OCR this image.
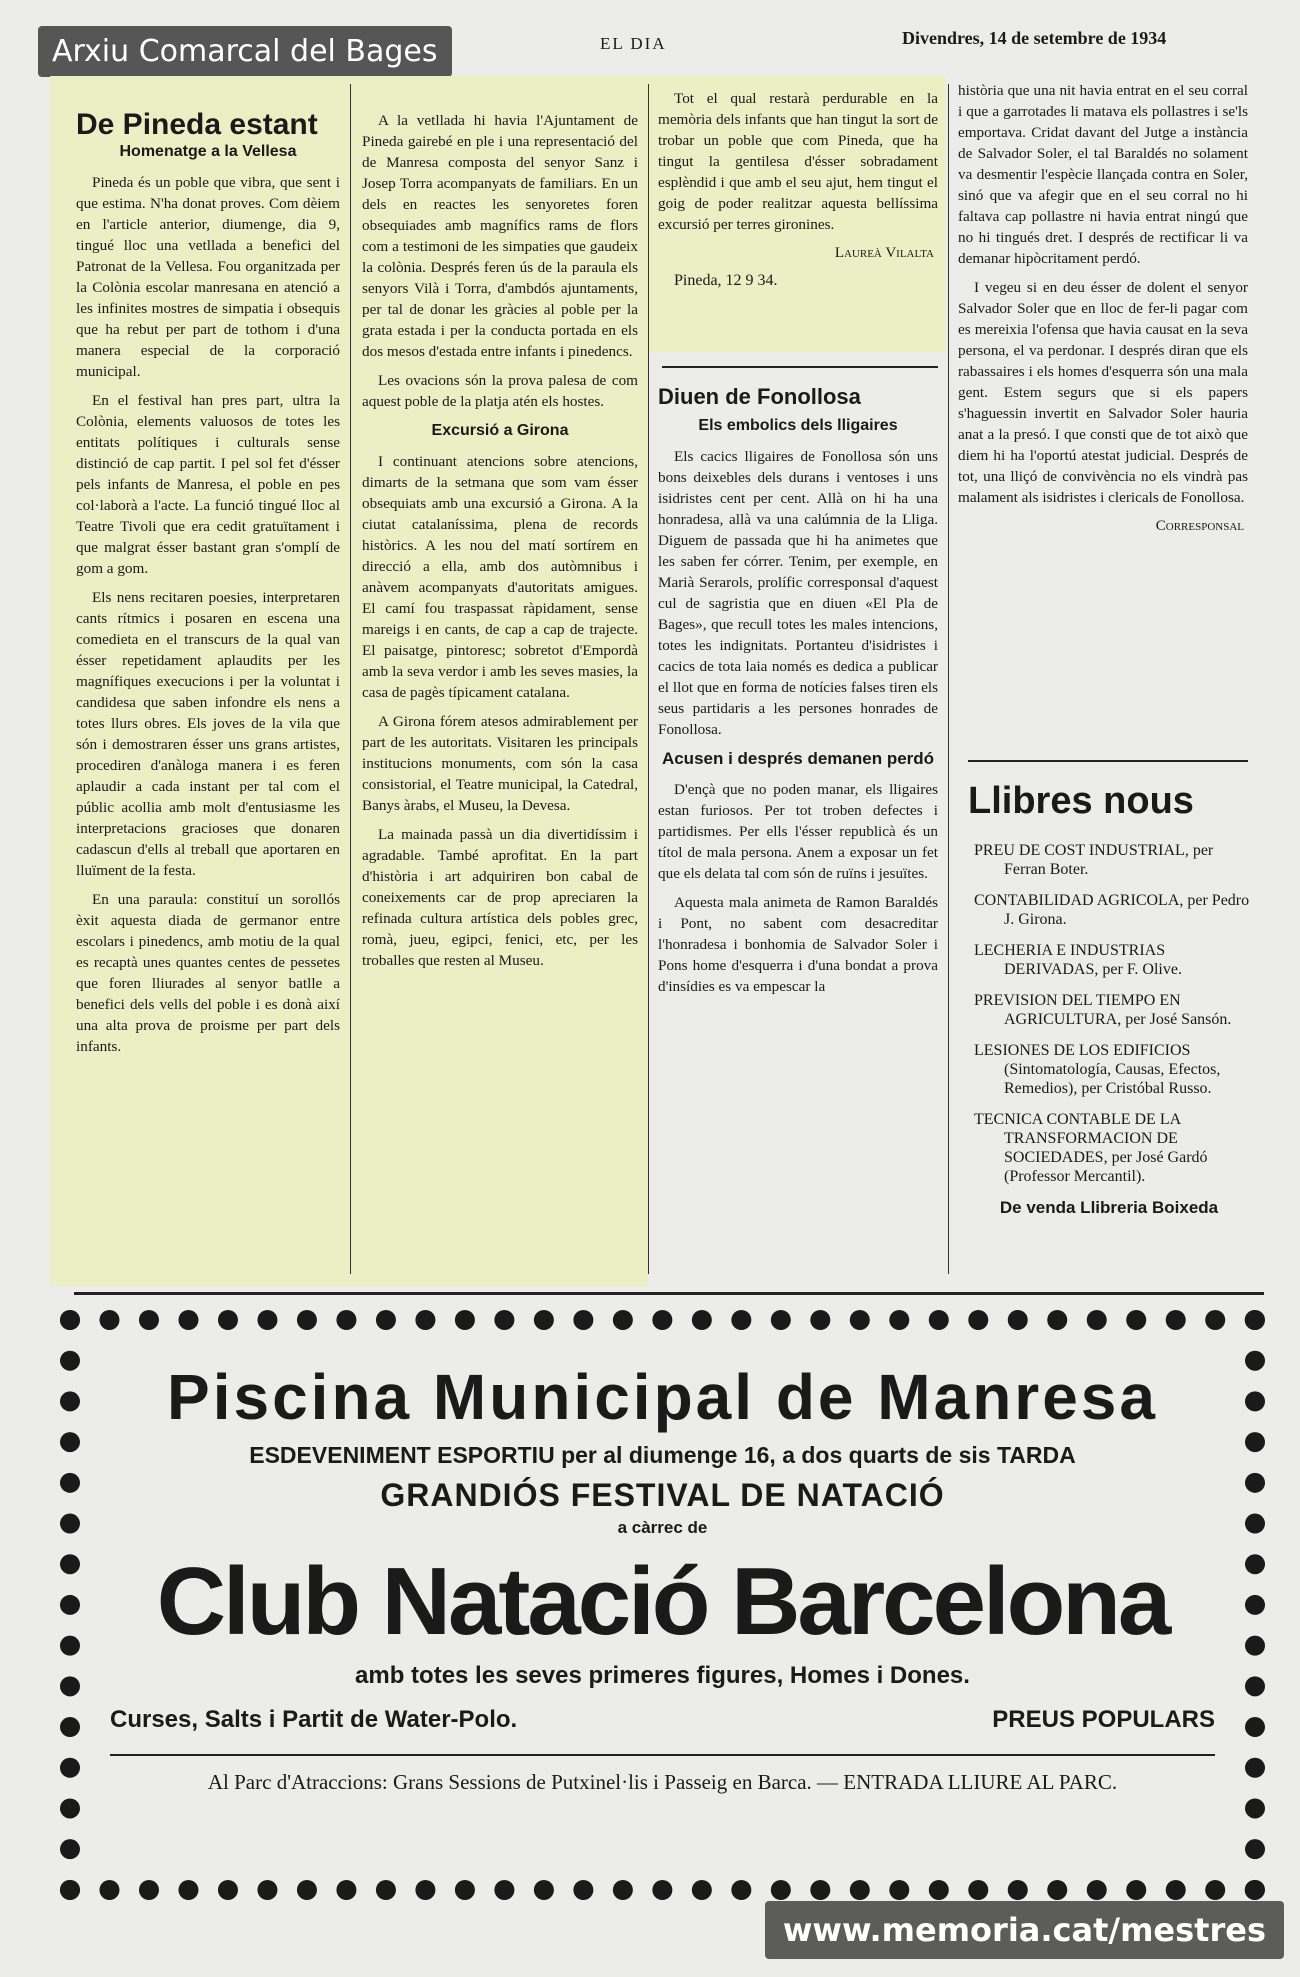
Arxiu Comarcal del Bages	EL DIA	Divendres, 14 de setembre de 1934
De Pineda estant
Homenatge a la Vellesa

Pineda és un poble que vibra, que sent i que estima. N'ha donat proves. Com dèiem en l'article anterior, diumenge, dia 9, tingué lloc una vetllada a benefici del Patronat de la Vellesa. Fou organitzada per la Colònia escolar manresana en atenció a les infinites mostres de simpatia i obsequis que ha rebut per part de tothom i d'una manera especial de la corporació municipal.

En el festival han pres part, ultra la Colònia, elements valuosos de totes les entitats polítiques i culturals sense distinció de cap partit. I pel sol fet d'ésser pels infants de Manresa, el poble en pes col·laborà a l'acte. La funció tingué lloc al Teatre Tivoli que era cedit gratuïtament i que malgrat ésser bastant gran s'omplí de gom a gom.

Els nens recitaren poesies, interpretaren cants rítmics i posaren en escena una comedieta en el transcurs de la qual van ésser repetidament aplaudits per les magnífiques execucions i per la voluntat i candidesa que saben infondre els nens a totes llurs obres. Els joves de la vila que són i demostraren ésser uns grans artistes, procediren d'anàloga manera i es feren aplaudir a cada instant per tal com el públic acollia amb molt d'entusiasme les interpretacions gracioses que donaren cadascun d'ells al treball que aportaren en lluïment de la festa.

En una paraula: constituí un sorollós èxit aquesta diada de germanor entre escolars i pinedencs, amb motiu de la qual es recaptà unes quantes centes de pessetes que foren lliurades al senyor batlle a benefici dels vells del poble i es donà així una alta prova de proisme per part dels infants.

A la vetllada hi havia l'Ajuntament de Pineda gairebé en ple i una representació del de Manresa composta del senyor Sanz i Josep Torra acompanyats de familiars. En un dels en reactes les senyoretes foren obsequiades amb magnífics rams de flors com a testimoni de les simpaties que gaudeix la colònia. Després feren ús de la paraula els senyors Vilà i Torra, d'ambdós ajuntaments, per tal de donar les gràcies al poble per la grata estada i per la conducta portada en els dos mesos d'estada entre infants i pinedencs.

Les ovacions són la prova palesa de com aquest poble de la platja atén els hostes.

Excursió a Girona

I continuant atencions sobre atencions, dimarts de la setmana que som vam ésser obsequiats amb una excursió a Girona. A la ciutat catalaníssima, plena de records històrics. A les nou del matí sortírem en direcció a ella, amb dos autòmnibus i anàvem acompanyats d'autoritats amigues. El camí fou traspassat ràpidament, sense mareigs i en cants, de cap a cap de trajecte. El paisatge, pintoresc; sobretot d'Empordà amb la seva verdor i amb les seves masies, la casa de pagès típicament catalana.

A Girona fórem atesos admirablement per part de les autoritats. Visitaren les principals institucions monuments, com són la casa consistorial, el Teatre municipal, la Catedral, Banys àrabs, el Museu, la Devesa.

La mainada passà un dia divertidíssim i agradable. També aprofitat. En la part d'història i art adquiriren bon cabal de coneixements car de prop apreciaren la refinada cultura artística dels pobles grec, romà, jueu, egipci, fenici, etc, per les troballes que resten al Museu.

Tot el qual restarà perdurable en la memòria dels infants que han tingut la sort de trobar un poble que com Pineda, que ha tingut la gentilesa d'ésser sobradament esplèndid i que amb el seu ajut, hem tingut el goig de poder realitzar aquesta bellíssima excursió per terres gironines.

Laureà Vilalta
Pineda, 12 9 34.
Diuen de Fonollosa
Els embolics dels lligaires

Els cacics lligaires de Fonollosa són uns bons deixebles dels durans i ventoses i uns isidristes cent per cent. Allà on hi ha una honradesa, allà va una calúmnia de la Lliga. Diguem de passada que hi ha animetes que les saben fer córrer. Tenim, per exemple, en Marià Serarols, prolífic corresponsal d'aquest cul de sagristia que en diuen «El Pla de Bages», que recull totes les males intencions, totes les indignitats. Portanteu d'isidristes i cacics de tota laia només es dedica a publicar el llot que en forma de notícies falses tiren els seus partidaris a les persones honrades de Fonollosa.

Acusen i després demanen perdó

D'ençà que no poden manar, els lligaires estan furiosos. Per tot troben defectes i partidismes. Per ells l'ésser republicà és un títol de mala persona. Anem a exposar un fet que els delata tal com són de ruïns i jesuïtes.

Aquesta mala animeta de Ramon Baraldés i Pont, no sabent com desacreditar l'honradesa i bonhomia de Salvador Soler i Pons home d'esquerra i d'una bondat a prova d'insídies es va empescar la

història que una nit havia entrat en el seu corral i que a garrotades li matava els pollastres i se'ls emportava. Cridat davant del Jutge a instància de Salvador Soler, el tal Baraldés no solament va desmentir l'espècie llançada contra en Soler, sinó que va afegir que en el seu corral no hi faltava cap pollastre ni havia entrat ningú que no hi tingués dret. I després de rectificar li va demanar hipòcritament perdó.

I vegeu si en deu ésser de dolent el senyor Salvador Soler que en lloc de fer-li pagar com es mereixia l'ofensa que havia causat en la seva persona, el va perdonar. I després diran que els rabassaires i els homes d'esquerra són una mala gent. Estem segurs que si els papers s'haguessin invertit en Salvador Soler hauria anat a la presó. I que consti que de tot això que diem hi ha l'oportú atestat judicial. Després de tot, una lliçó de convivència no els vindrà pas malament als isidristes i clericals de Fonollosa.

Corresponsal
Llibres nous
PREU DE COST INDUSTRIAL, per Ferran Boter.
CONTABILIDAD AGRICOLA, per Pedro J. Girona.
LECHERIA E INDUSTRIAS DERIVADAS, per F. Olive.
PREVISION DEL TIEMPO EN AGRICULTURA, per José Sansón.
LESIONES DE LOS EDIFICIOS (Sintomatología, Causas, Efectos, Remedios), per Cristóbal Russo.
TECNICA CONTABLE DE LA TRANSFORMACION DE SOCIEDADES, per José Gardó (Professor Mercantil).
De venda Llibreria Boixeda
Piscina Municipal de Manresa
ESDEVENIMENT ESPORTIU per al diumenge 16, a dos quarts de sis TARDA
GRANDIÓS FESTIVAL DE NATACIÓ
a càrrec de
Club Natació Barcelona
amb totes les seves primeres figures, Homes i Dones.
Curses, Salts i Partit de Water-Polo.	PREUS POPULARS
Al Parc d'Atraccions: Grans Sessions de Putxinel·lis i Passeig en Barca. — ENTRADA LLIURE AL PARC.
www.memoria.cat/mestres
